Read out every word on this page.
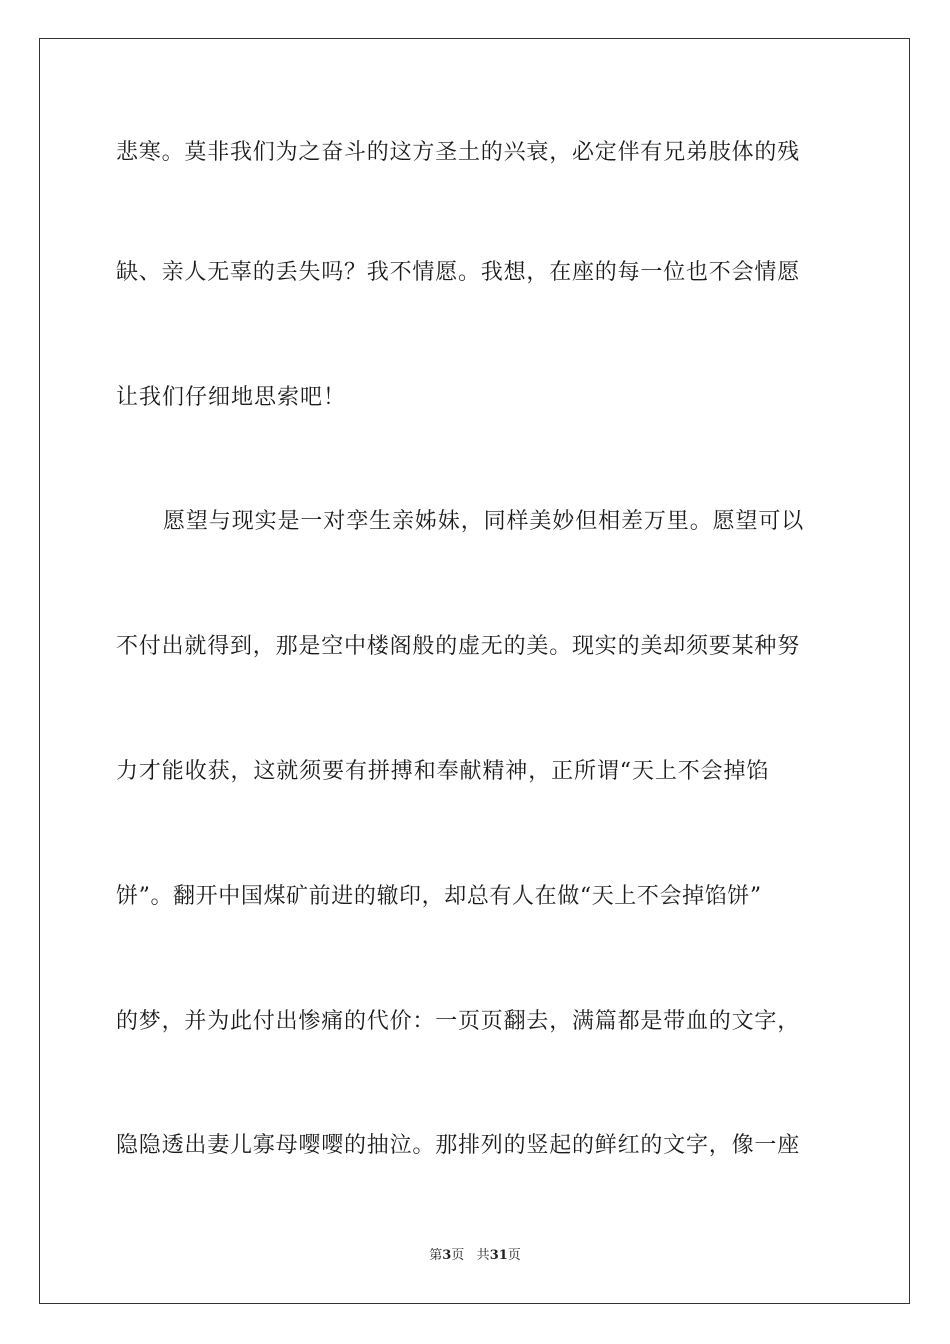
悲寒。莫非我们为之奋斗的这方圣土的兴衰，必定伴有兄弟肢体的残
缺、亲人无辜的丢失吗？我不情愿。我想，在座的每一位也不会情愿
让我们仔细地思索吧！
愿望与现实是一对孪生亲姊妹，同样美妙但相差万里。愿望可以
不付出就得到，那是空中楼阁般的虚无的美。现实的美却须要某种努
力才能收获，这就须要有拼搏和奉献精神，正所谓“天上不会掉馅
饼”。翻开中国煤矿前进的辙印，却总有人在做“天上不会掉馅饼”
的梦，并为此付出惨痛的代价：一页页翻去，满篇都是带血的文字，
隐隐透出妻儿寡母嘤嘤的抽泣。那排列的竖起的鲜红的文字，像一座
第3页 共31页
